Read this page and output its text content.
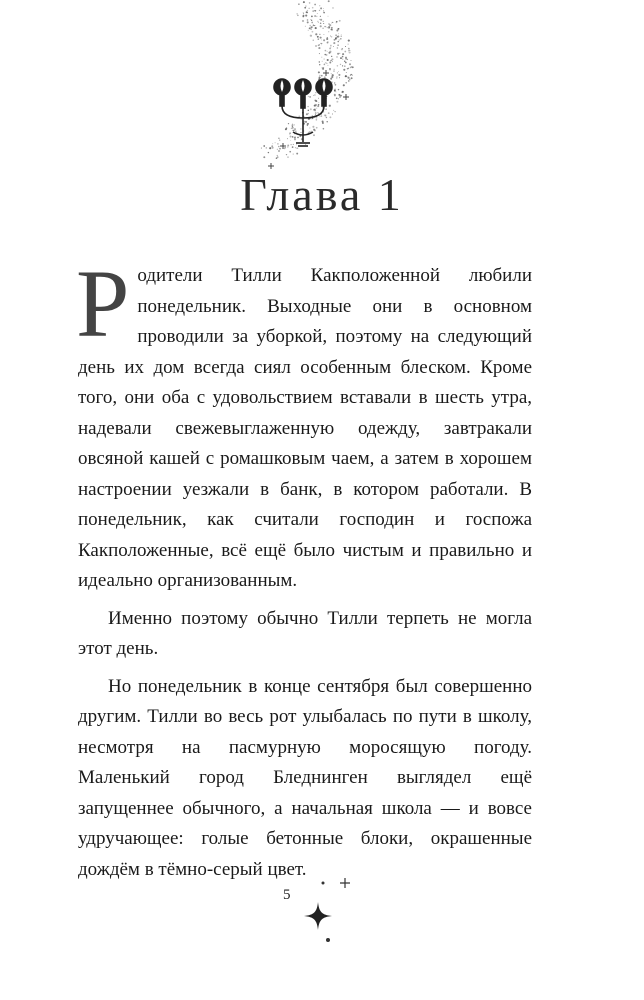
Глава 1

Родители Тилли Какположенной любили понедельник. Выходные они в основном проводили за уборкой, поэтому на следующий день их дом всегда сиял особенным блеском. Кроме того, они оба с удовольствием вставали в шесть утра, надевали свежевыглаженную одежду, завтракали овсяной кашей с ромашковым чаем, а затем в хорошем настроении уезжали в банк, в котором работали. В понедельник, как считали господин и госпожа Какположенные, всё ещё было чистым и правильно и идеально организованным.

Именно поэтому обычно Тилли терпеть не могла этот день.

Но понедельник в конце сентября был совершенно другим. Тилли во весь рот улыбалась по пути в школу, несмотря на пасмурную моросящую погоду. Маленький город Бледнинген выглядел ещё запущеннее обычного, а начальная школа — и вовсе удручающее: голые бетонные блоки, окрашенные дождём в тёмно-серый цвет.

5
